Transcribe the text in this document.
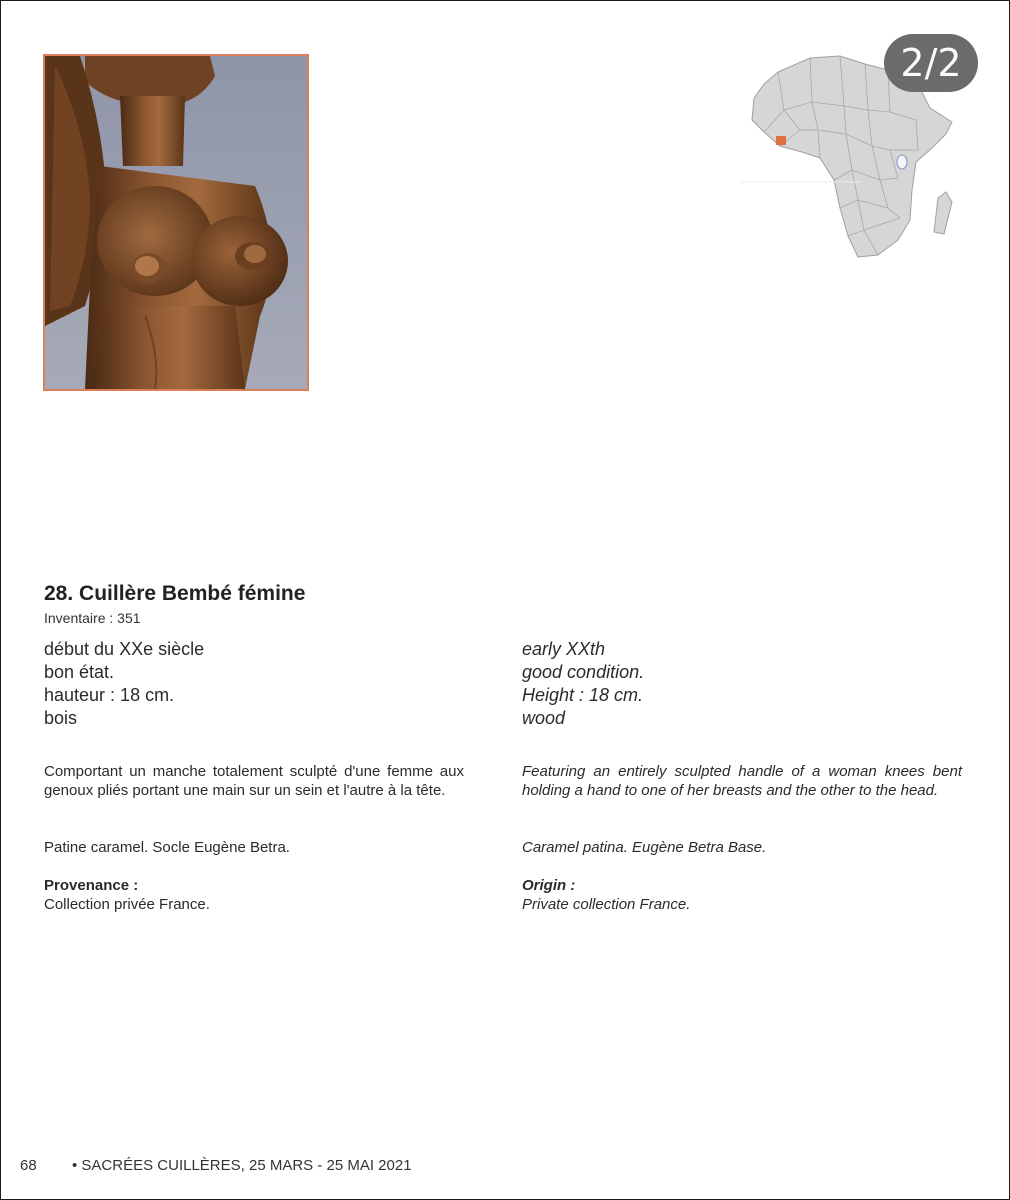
2/2
28. Cuillère Bembé fémine
Inventaire : 351
début du XXe siècle
bon état.
hauteur : 18 cm.
bois
early XXth
good condition.
Height : 18 cm.
wood

Comportant un manche totalement sculpté d'une femme aux genoux pliés portant une main sur un sein et l'autre à la tête.

Featuring an entirely sculpted handle of a woman knees bent holding a hand to one of her breasts and the other to the head.

Patine caramel. Socle Eugène Betra.	Caramel patina. Eugène Betra Base.

Provenance :

Collection privée France.

Origin :

Private collection France.

68 • SACRÉES CUILLÈRES, 25 MARS - 25 MAI 2021
